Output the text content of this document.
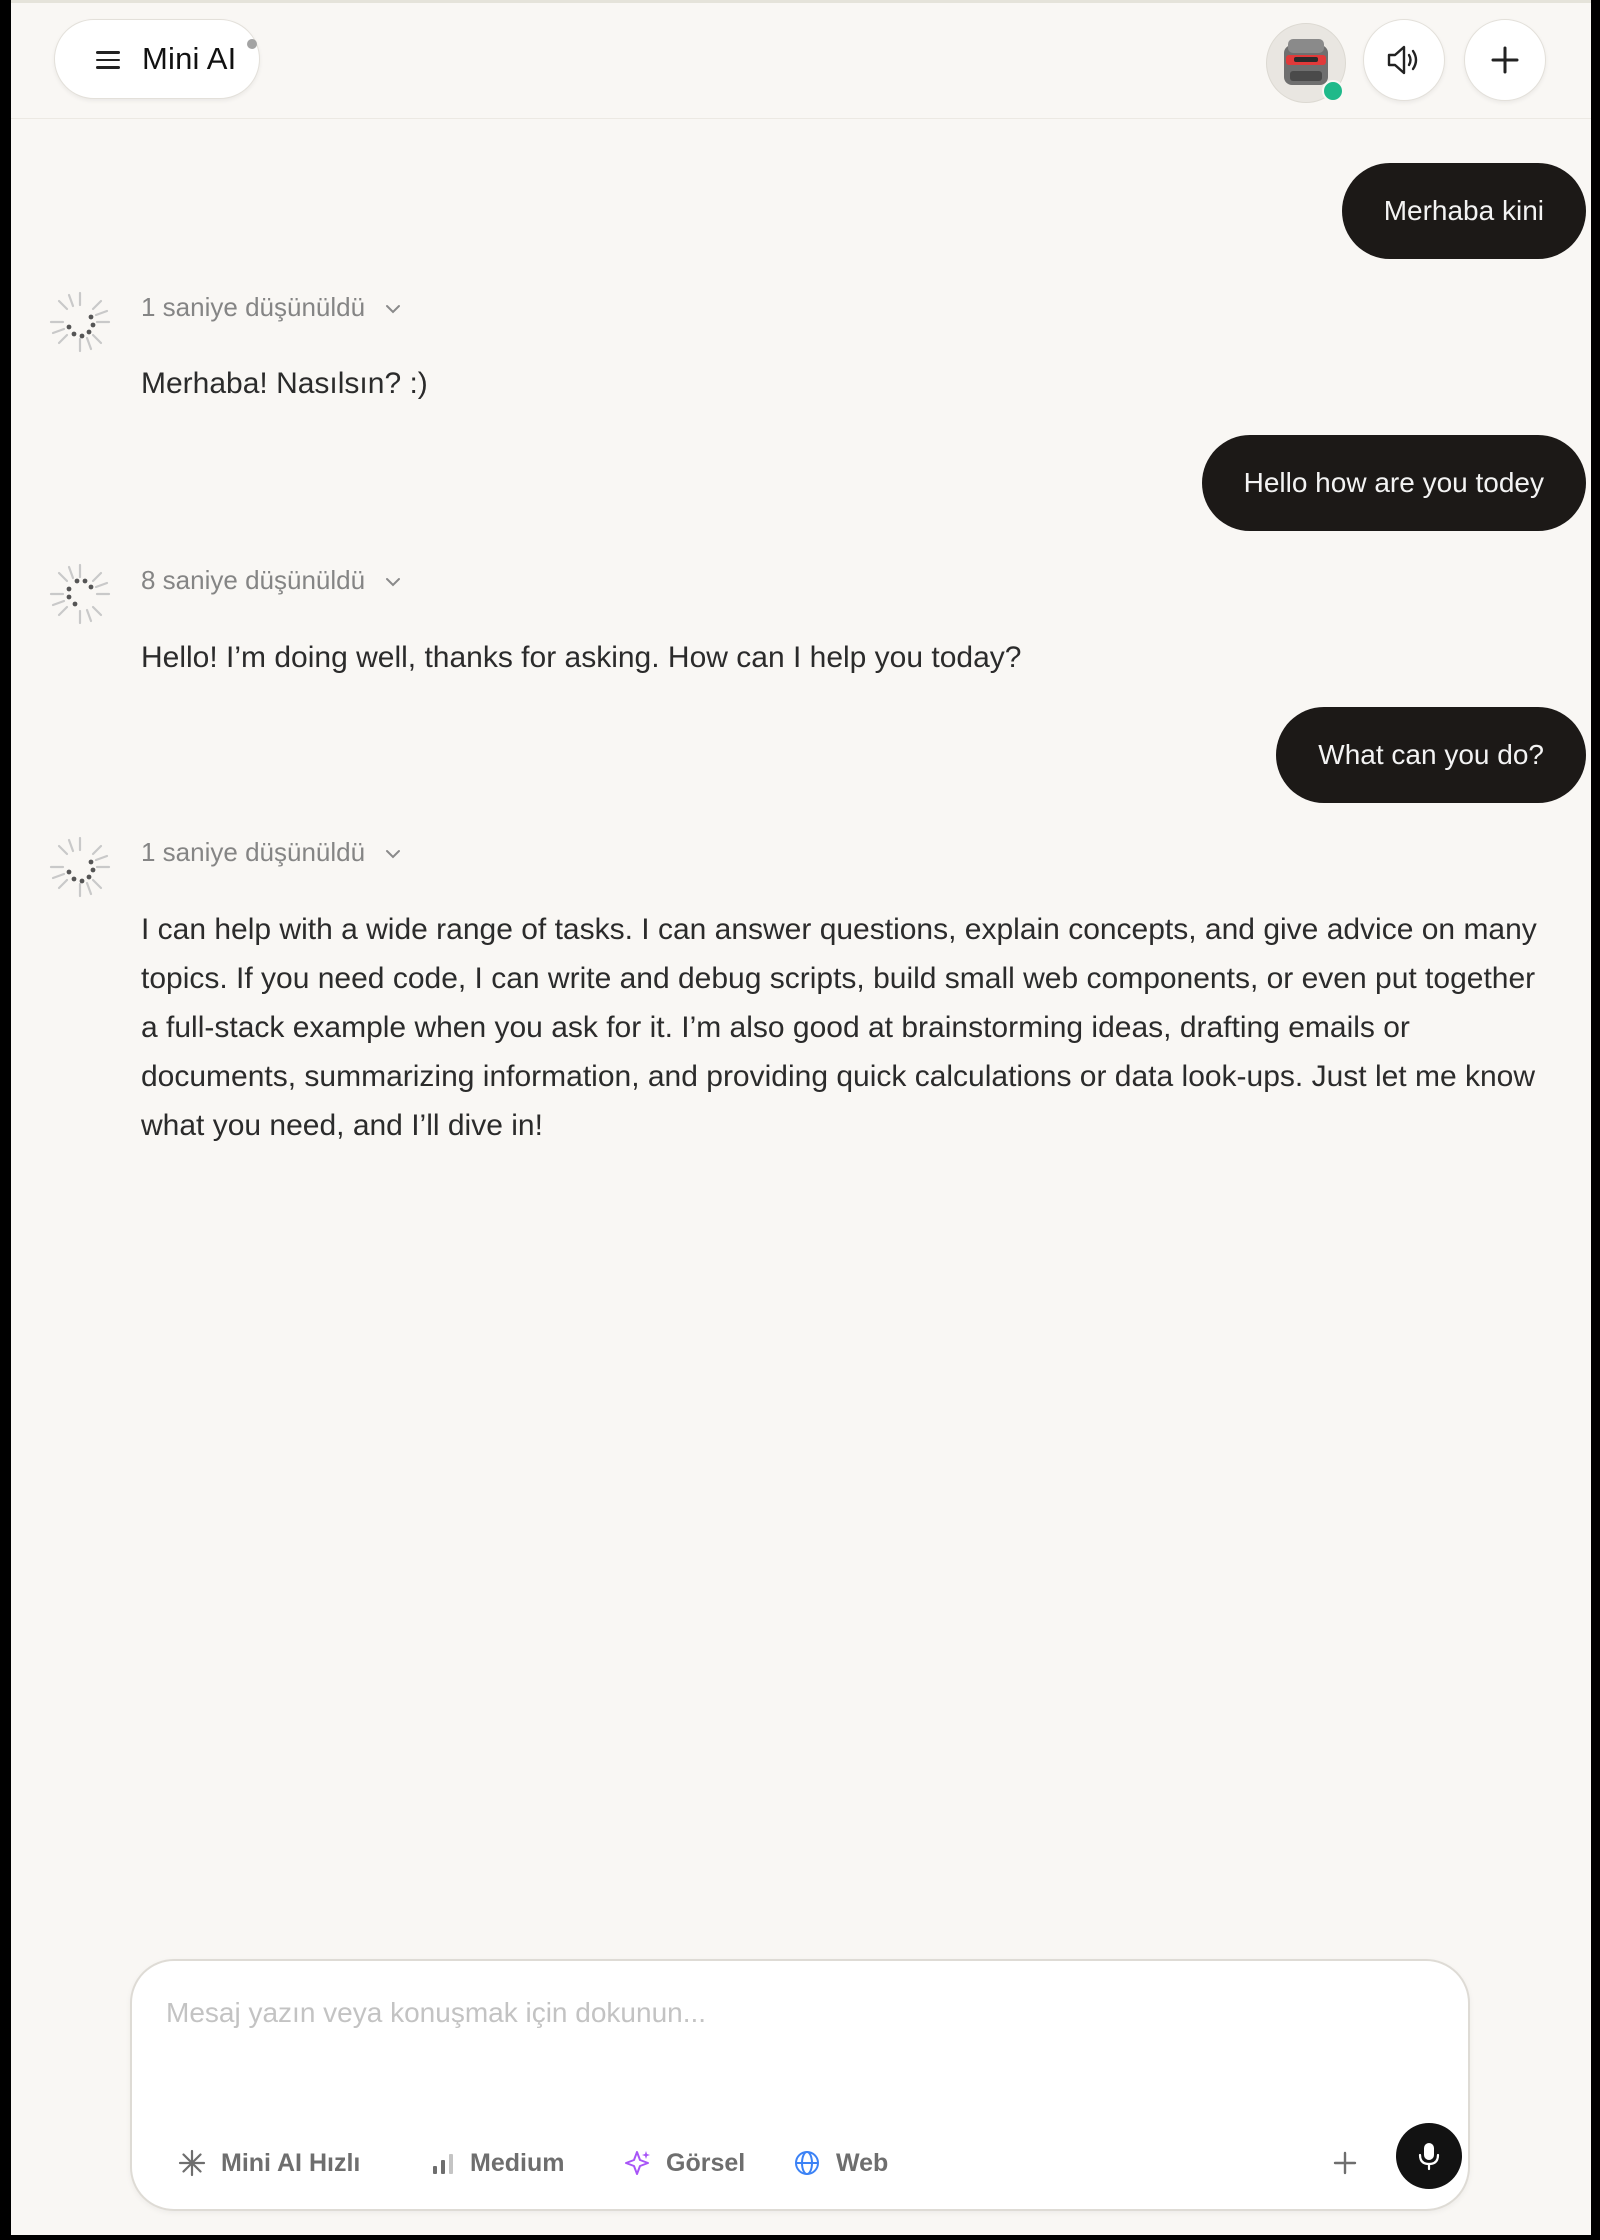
Mini AI
Merhaba kini
1 saniye düşünüldü
Merhaba! Nasılsın? :)
Hello how are you todey
8 saniye düşünüldü
Hello! I’m doing well, thanks for asking. How can I help you today?
What can you do?
1 saniye düşünüldü
I can help with a wide range of tasks. I can answer questions, explain concepts, and give advice on many topics. If you need code, I can write and debug scripts, build small web components, or even put together a full‑stack example when you ask for it. I’m also good at brainstorming ideas, drafting emails or documents, summarizing information, and providing quick calculations or data look‑ups. Just let me know what you need, and I’ll dive in!
Mesaj yazın veya konuşmak için dokunun...
Mini AI Hızlı	Medium	Görsel	Web
